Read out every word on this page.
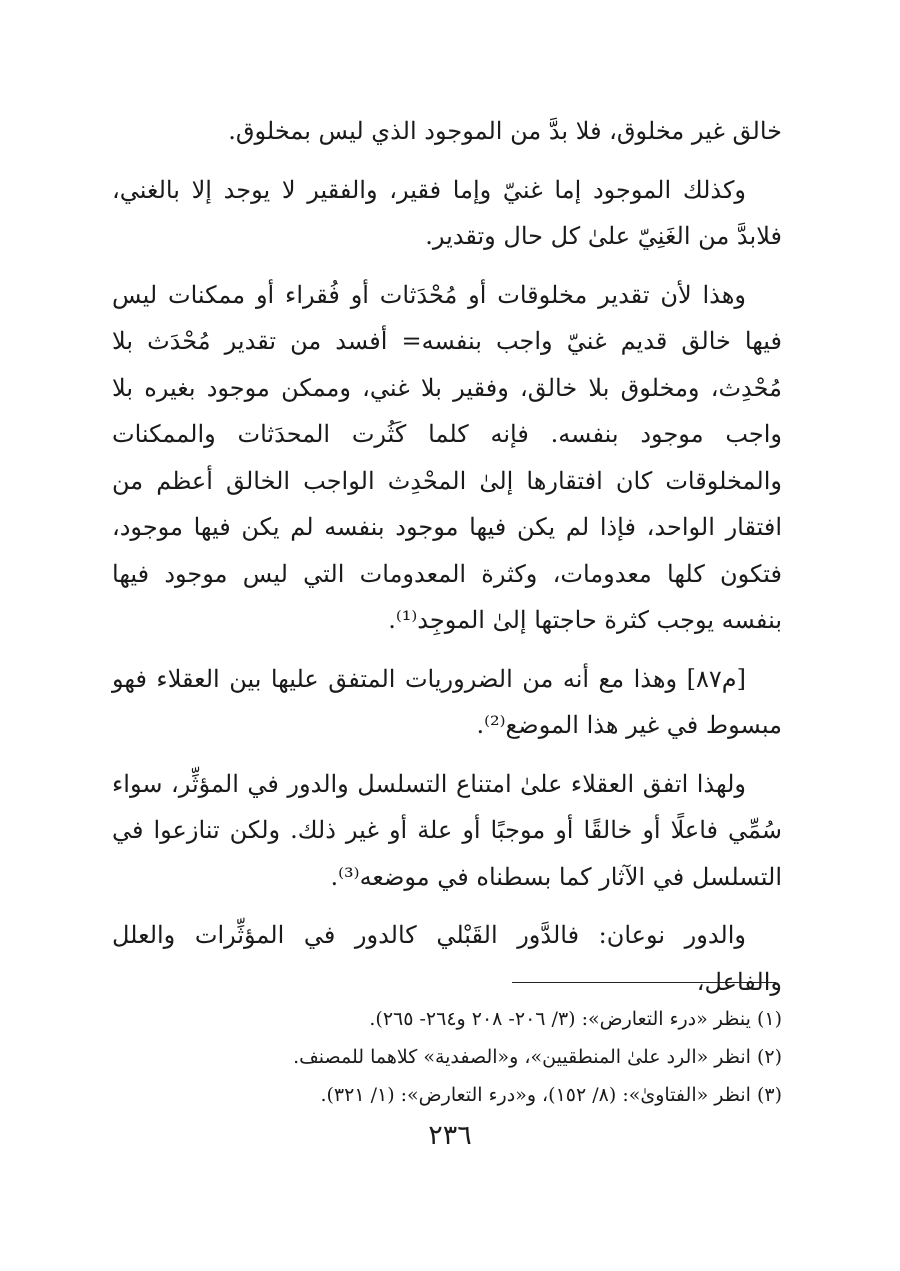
خالق غير مخلوق، فلا بدَّ من الموجود الذي ليس بمخلوق.

وكذلك الموجود إما غنيّ وإما فقير، والفقير لا يوجد إلا بالغني، فلابدَّ من الغَنِيّ علىٰ كل حال وتقدير.

وهذا لأن تقدير مخلوقات أو مُحْدَثات أو فُقراء أو ممكنات ليس فيها خالق قديم غنيّ واجب بنفسه= أفسد من تقدير مُحْدَث بلا مُحْدِث، ومخلوق بلا خالق، وفقير بلا غني، وممكن موجود بغيره بلا واجب موجود بنفسه. فإنه كلما كَثُرت المحدَثات والممكنات والمخلوقات كان افتقارها إلىٰ المحْدِث الواجب الخالق أعظم من افتقار الواحد، فإذا لم يكن فيها موجود بنفسه لم يكن فيها موجود، فتكون كلها معدومات، وكثرة المعدومات التي ليس موجود فيها بنفسه يوجب كثرة حاجتها إلىٰ الموجِد⁽¹⁾.

[م٨٧] وهذا مع أنه من الضروريات المتفق عليها بين العقلاء فهو مبسوط في غير هذا الموضع⁽²⁾.

ولهذا اتفق العقلاء علىٰ امتناع التسلسل والدور في المؤثِّر، سواء سُمِّي فاعلًا أو خالقًا أو موجبًا أو علة أو غير ذلك. ولكن تنازعوا في التسلسل في الآثار كما بسطناه في موضعه⁽³⁾.

والدور نوعان: فالدَّور القَبْلي كالدور في المؤثِّرات والعلل والفاعل،

(١) ينظر «درء التعارض»: (٣/ ٢٠٦- ٢٠٨ و٢٦٤- ٢٦٥).

(٢) انظر «الرد علىٰ المنطقيين»، و«الصفدية» كلاهما للمصنف.

(٣) انظر «الفتاوىٰ»: (٨/ ١٥٢)، و«درء التعارض»: (١/ ٣٢١).

٢٣٦
